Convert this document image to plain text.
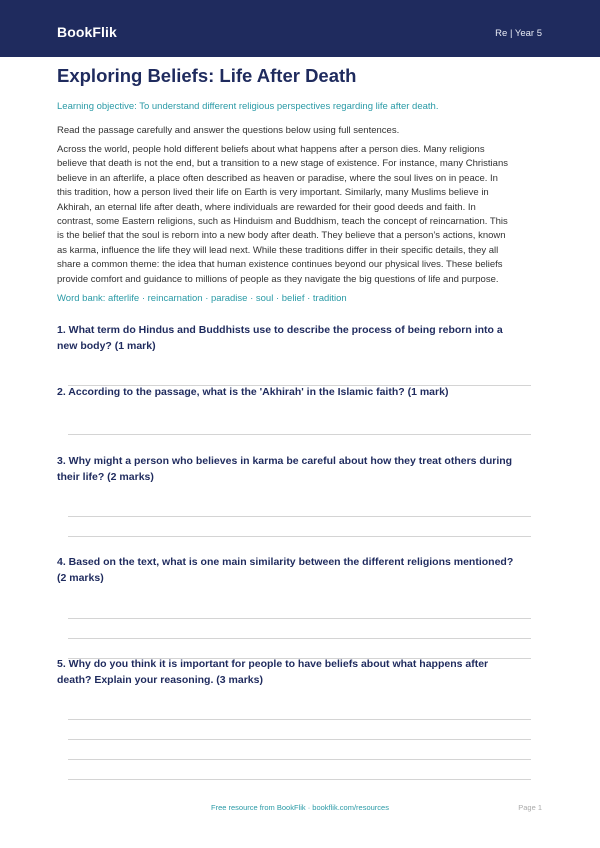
BookFlik	Re | Year 5
Exploring Beliefs: Life After Death
Learning objective: To understand different religious perspectives regarding life after death.
Read the passage carefully and answer the questions below using full sentences.
Across the world, people hold different beliefs about what happens after a person dies. Many religions
believe that death is not the end, but a transition to a new stage of existence. For instance, many Christians
believe in an afterlife, a place often described as heaven or paradise, where the soul lives on in peace. In
this tradition, how a person lived their life on Earth is very important. Similarly, many Muslims believe in
Akhirah, an eternal life after death, where individuals are rewarded for their good deeds and faith. In
contrast, some Eastern religions, such as Hinduism and Buddhism, teach the concept of reincarnation. This
is the belief that the soul is reborn into a new body after death. They believe that a person’s actions, known
as karma, influence the life they will lead next. While these traditions differ in their specific details, they all
share a common theme: the idea that human existence continues beyond our physical lives. These beliefs
provide comfort and guidance to millions of people as they navigate the big questions of life and purpose.
Word bank: afterlife · reincarnation · paradise · soul · belief · tradition
1. What term do Hindus and Buddhists use to describe the process of being reborn into a
new body? (1 mark)
2. According to the passage, what is the 'Akhirah' in the Islamic faith? (1 mark)
3. Why might a person who believes in karma be careful about how they treat others during
their life? (2 marks)
4. Based on the text, what is one main similarity between the different religions mentioned?
(2 marks)
5. Why do you think it is important for people to have beliefs about what happens after
death? Explain your reasoning. (3 marks)
Free resource from BookFlik · bookflik.com/resources	Page 1
